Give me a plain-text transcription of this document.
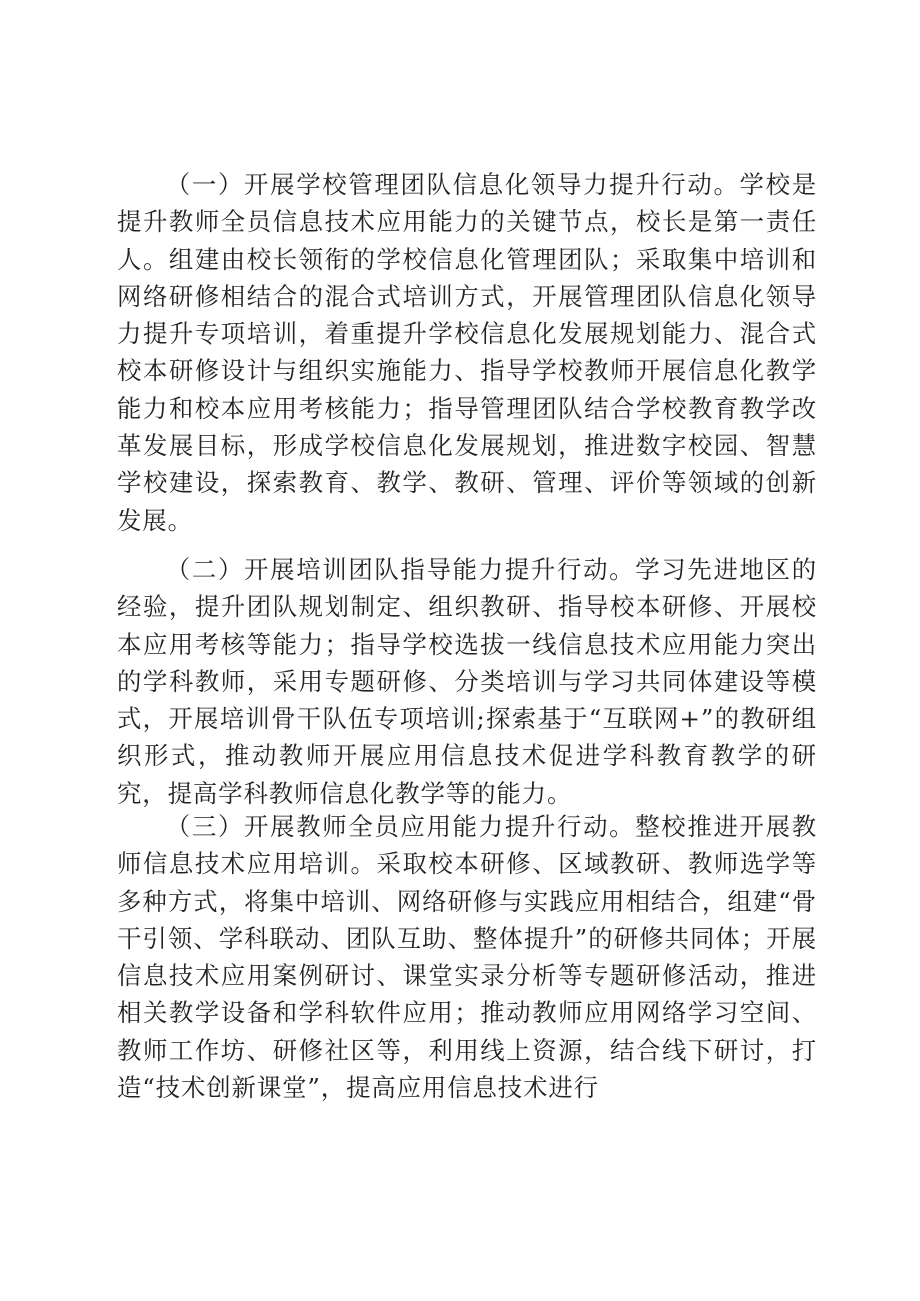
（一）开展学校管理团队信息化领导力提升行动。学校是提升教师全员信息技术应用能力的关键节点，校长是第一责任人。组建由校长领衔的学校信息化管理团队；采取集中培训和网络研修相结合的混合式培训方式，开展管理团队信息化领导力提升专项培训，着重提升学校信息化发展规划能力、混合式校本研修设计与组织实施能力、指导学校教师开展信息化教学能力和校本应用考核能力；指导管理团队结合学校教育教学改革发展目标，形成学校信息化发展规划，推进数字校园、智慧学校建设，探索教育、教学、教研、管理、评价等领域的创新发展。

（二）开展培训团队指导能力提升行动。学习先进地区的经验，提升团队规划制定、组织教研、指导校本研修、开展校本应用考核等能力；指导学校选拔一线信息技术应用能力突出的学科教师，采用专题研修、分类培训与学习共同体建设等模式，开展培训骨干队伍专项培训;探索基于“互联网+”的教研组织形式，推动教师开展应用信息技术促进学科教育教学的研究，提高学科教师信息化教学等的能力。

（三）开展教师全员应用能力提升行动。整校推进开展教师信息技术应用培训。采取校本研修、区域教研、教师选学等多种方式，将集中培训、网络研修与实践应用相结合，组建“骨干引领、学科联动、团队互助、整体提升”的研修共同体；开展信息技术应用案例研讨、课堂实录分析等专题研修活动，推进相关教学设备和学科软件应用；推动教师应用网络学习空间、教师工作坊、研修社区等，利用线上资源，结合线下研讨，打造“技术创新课堂”，提高应用信息技术进行
